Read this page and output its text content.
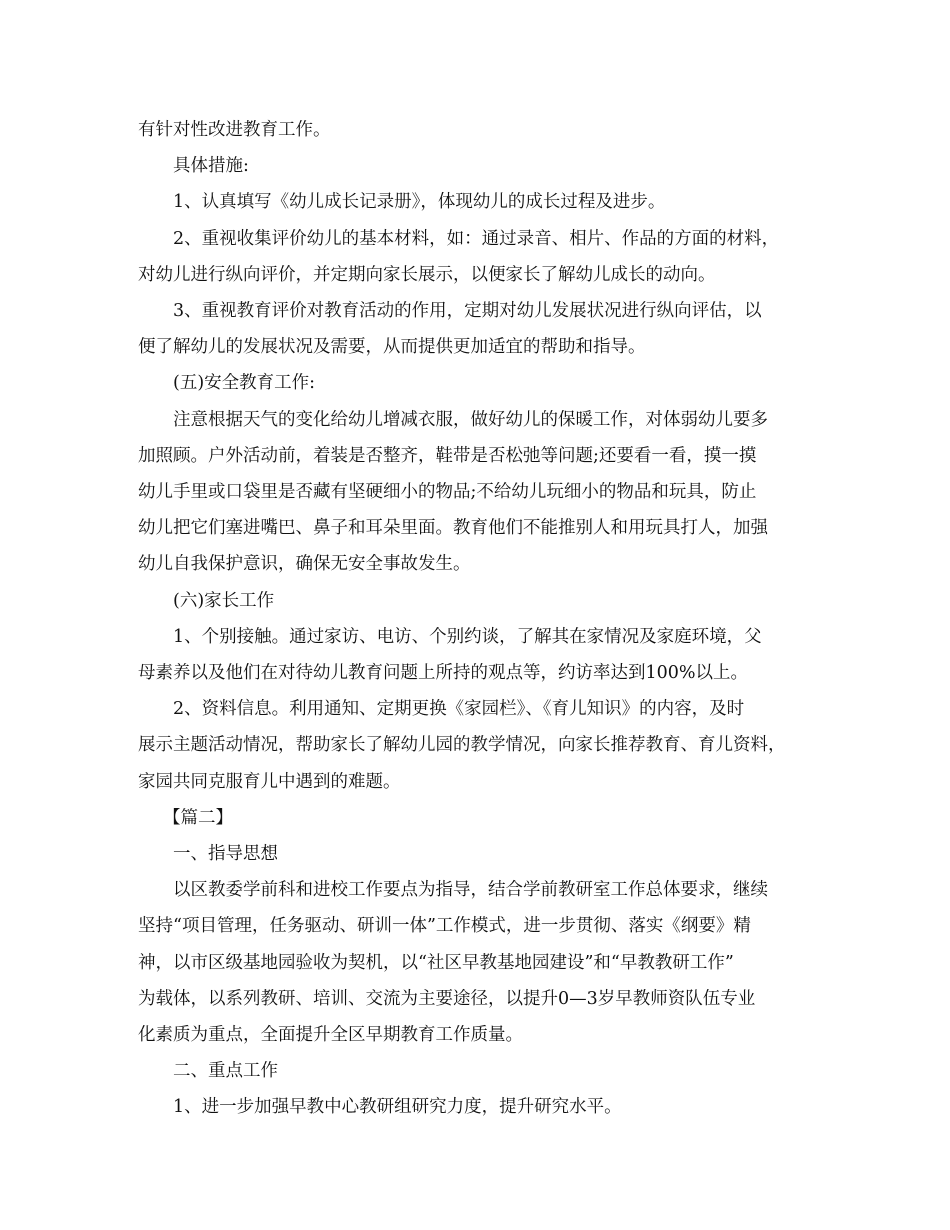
有针对性改进教育工作。

具体措施:

1、认真填写《幼儿成长记录册》，体现幼儿的成长过程及进步。

2、重视收集评价幼儿的基本材料，如：通过录音、相片、作品的方面的材料，

对幼儿进行纵向评价，并定期向家长展示，以便家长了解幼儿成长的动向。

3、重视教育评价对教育活动的作用，定期对幼儿发展状况进行纵向评估，以

便了解幼儿的发展状况及需要，从而提供更加适宜的帮助和指导。

(五)安全教育工作:

注意根据天气的变化给幼儿增减衣服，做好幼儿的保暖工作，对体弱幼儿要多

加照顾。户外活动前，着装是否整齐，鞋带是否松弛等问题;还要看一看，摸一摸

幼儿手里或口袋里是否藏有坚硬细小的物品;不给幼儿玩细小的物品和玩具，防止

幼儿把它们塞进嘴巴、鼻子和耳朵里面。教育他们不能推别人和用玩具打人，加强

幼儿自我保护意识，确保无安全事故发生。

(六)家长工作

1、个别接触。通过家访、电访、个别约谈，了解其在家情况及家庭环境，父

母素养以及他们在对待幼儿教育问题上所持的观点等，约访率达到100%以上。

2、资料信息。利用通知、定期更换《家园栏》、《育儿知识》的内容，及时

展示主题活动情况，帮助家长了解幼儿园的教学情况，向家长推荐教育、育儿资料，

家园共同克服育儿中遇到的难题。

【篇二】

一、指导思想

以区教委学前科和进校工作要点为指导，结合学前教研室工作总体要求，继续

坚持“项目管理，任务驱动、研训一体”工作模式，进一步贯彻、落实《纲要》精

神，以市区级基地园验收为契机，以“社区早教基地园建设”和“早教教研工作”

为载体，以系列教研、培训、交流为主要途径，以提升0—3岁早教师资队伍专业

化素质为重点，全面提升全区早期教育工作质量。

二、重点工作

1、进一步加强早教中心教研组研究力度，提升研究水平。
